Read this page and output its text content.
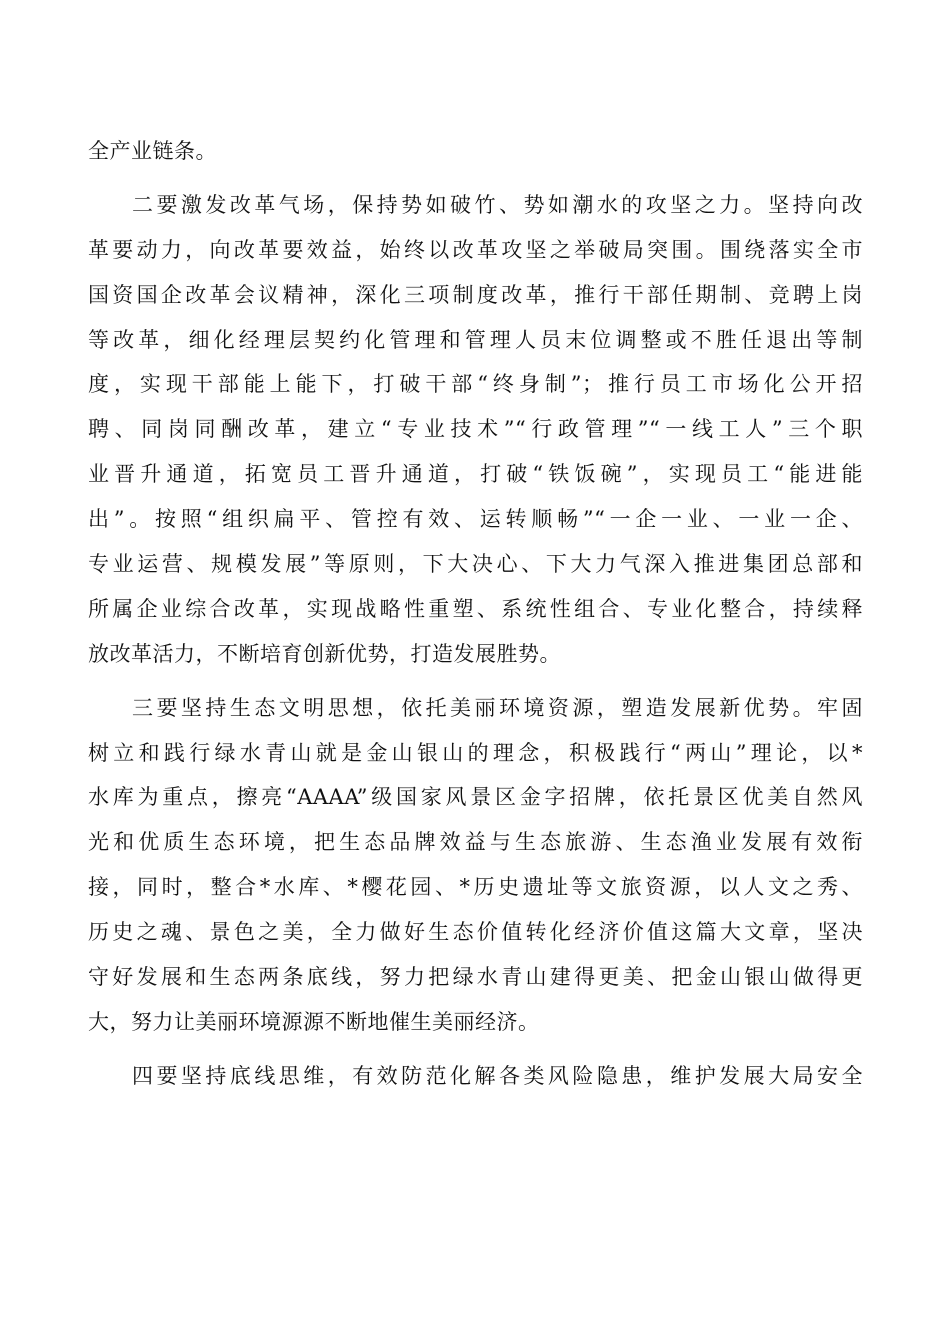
全产业链条。
二要激发改革气场，保持势如破竹、势如潮水的攻坚之力。坚持向改
革要动力，向改革要效益，始终以改革攻坚之举破局突围。围绕落实全市
国资国企改革会议精神，深化三项制度改革，推行干部任期制、竞聘上岗
等改革，细化经理层契约化管理和管理人员末位调整或不胜任退出等制
度，实现干部能上能下，打破干部“终身制”；推行员工市场化公开招
聘、同岗同酬改革，建立“专业技术”“行政管理”“一线工人”三个职
业晋升通道，拓宽员工晋升通道，打破“铁饭碗”，实现员工“能进能
出”。按照“组织扁平、管控有效、运转顺畅”“一企一业、一业一企、
专业运营、规模发展”等原则，下大决心、下大力气深入推进集团总部和
所属企业综合改革，实现战略性重塑、系统性组合、专业化整合，持续释
放改革活力，不断培育创新优势，打造发展胜势。
三要坚持生态文明思想，依托美丽环境资源，塑造发展新优势。牢固
树立和践行绿水青山就是金山银山的理念，积极践行“两山”理论，以*
水库为重点，擦亮“AAAA”级国家风景区金字招牌，依托景区优美自然风
光和优质生态环境，把生态品牌效益与生态旅游、生态渔业发展有效衔
接，同时，整合*水库、*樱花园、*历史遗址等文旅资源，以人文之秀、
历史之魂、景色之美，全力做好生态价值转化经济价值这篇大文章，坚决
守好发展和生态两条底线，努力把绿水青山建得更美、把金山银山做得更
大，努力让美丽环境源源不断地催生美丽经济。
四要坚持底线思维，有效防范化解各类风险隐患，维护发展大局安全
